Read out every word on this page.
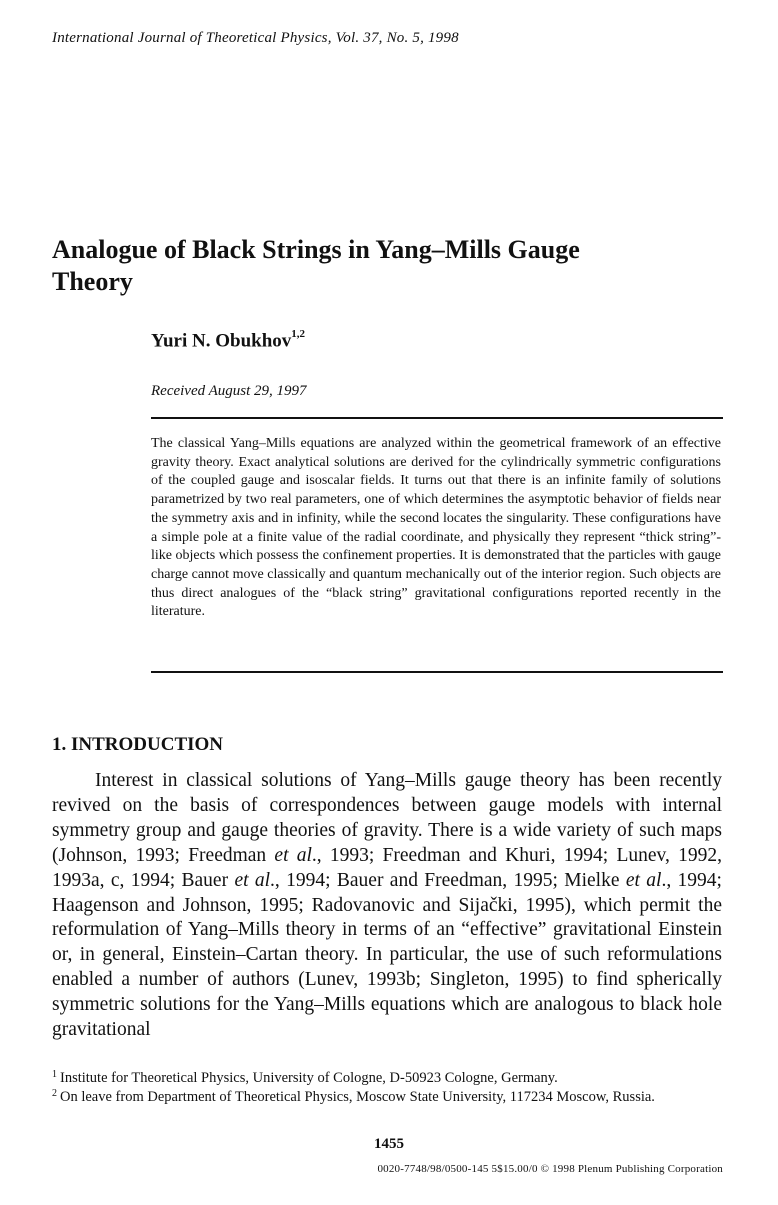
International Journal of Theoretical Physics, Vol. 37, No. 5, 1998
Analogue of Black Strings in Yang–Mills Gauge
Theory
Yuri N. Obukhov$^{1,2}$
Received August 29, 1997

The classical Yang–Mills equations are analyzed within the geometrical framework of an effective gravity theory. Exact analytical solutions are derived for the cylindrically symmetric configurations of the coupled gauge and isoscalar fields. It turns out that there is an infinite family of solutions parametrized by two real parameters, one of which determines the asymptotic behavior of fields near the symmetry axis and in infinity, while the second locates the singularity. These configurations have a simple pole at a finite value of the radial coordinate, and physically they represent “thick string”-like objects which possess the confinement properties. It is demonstrated that the particles with gauge charge cannot move classically and quantum mechanically out of the interior region. Such objects are thus direct analogues of the “black string” gravitational configurations reported recently in the literature.

1. INTRODUCTION

Interest in classical solutions of Yang–Mills gauge theory has been recently revived on the basis of correspondences between gauge models with internal symmetry group and gauge theories of gravity. There is a wide variety of such maps (Johnson, 1993; Freedman et al., 1993; Freedman and Khuri, 1994; Lunev, 1992, 1993a, c, 1994; Bauer et al., 1994; Bauer and Freedman, 1995; Mielke et al., 1994; Haagenson and Johnson, 1995; Radovanovic and Sijački, 1995), which permit the reformulation of Yang–Mills theory in terms of an “effective” gravitational Einstein or, in general, Einstein–Cartan theory. In particular, the use of such reformulations enabled a number of authors (Lunev, 1993b; Singleton, 1995) to find spherically symmetric solutions for the Yang–Mills equations which are analogous to black hole gravitational

1 Institute for Theoretical Physics, University of Cologne, D-50923 Cologne, Germany.
2 On leave from Department of Theoretical Physics, Moscow State University, 117234 Moscow, Russia.
1455
0020-7748/98/0500-145 5$15.00/0 © 1998 Plenum Publishing Corporation
